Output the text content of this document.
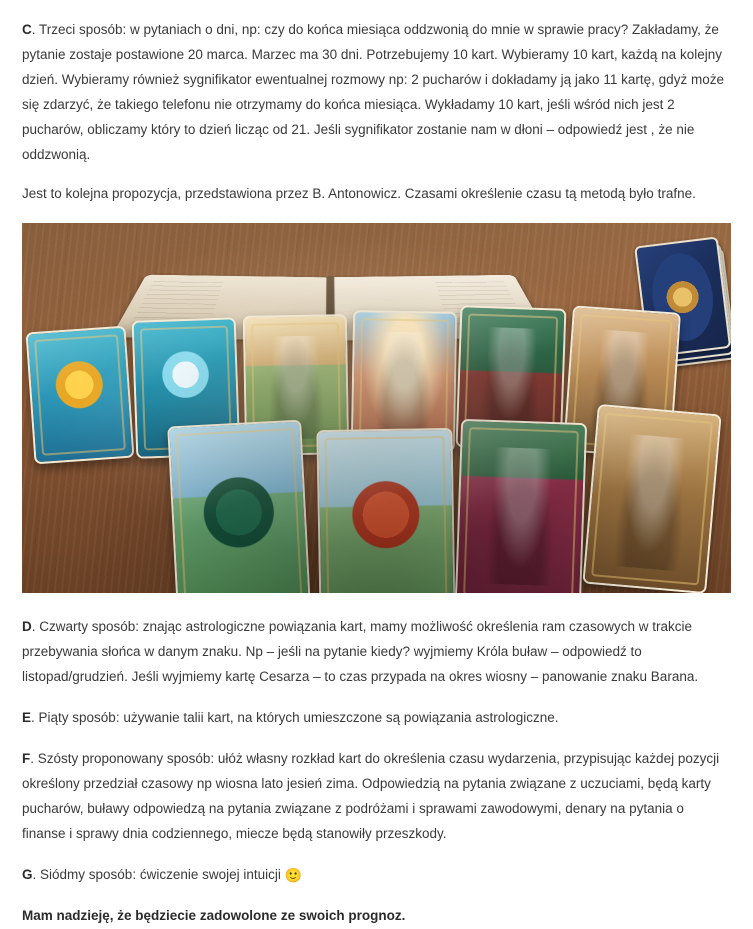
C. Trzeci sposób: w pytaniach o dni, np: czy do końca miesiąca oddzwonią do mnie w sprawie pracy? Zakładamy, że pytanie zostaje postawione 20 marca. Marzec ma 30 dni. Potrzebujemy 10 kart. Wybieramy 10 kart, każdą na kolejny dzień. Wybieramy również sygnifikator ewentualnej rozmowy np: 2 pucharów i dokładamy ją jako 11 kartę, gdyż może się zdarzyć, że takiego telefonu nie otrzymamy do końca miesiąca. Wykładamy 10 kart, jeśli wśród nich jest 2 pucharów, obliczamy który to dzień licząc od 21. Jeśli sygnifikator zostanie nam w dłoni – odpowiedź jest , że nie oddzwonią.

Jest to kolejna propozycja, przedstawiona przez B. Antonowicz. Czasami określenie czasu tą metodą było trafne.

D. Czwarty sposób: znając astrologiczne powiązania kart, mamy możliwość określenia ram czasowych w trakcie przebywania słońca w danym znaku. Np – jeśli na pytanie kiedy? wyjmiemy Króla buław – odpowiedź to listopad/grudzień. Jeśli wyjmiemy kartę Cesarza – to czas przypada na okres wiosny – panowanie znaku Barana.

E. Piąty sposób: używanie talii kart, na których umieszczone są powiązania astrologiczne.

F. Szósty proponowany sposób: ułóż własny rozkład kart do określenia czasu wydarzenia, przypisując każdej pozycji określony przedział czasowy np wiosna lato jesień zima. Odpowiedzią na pytania związane z uczuciami, będą karty pucharów, buławy odpowiedzą na pytania związane z podróżami i sprawami zawodowymi, denary na pytania o finanse i sprawy dnia codziennego, miecze będą stanowiły przeszkody.

G. Siódmy sposób: ćwiczenie swojej intuicji 🙂

Mam nadzieję, że będziecie zadowolone ze swoich prognoz.
